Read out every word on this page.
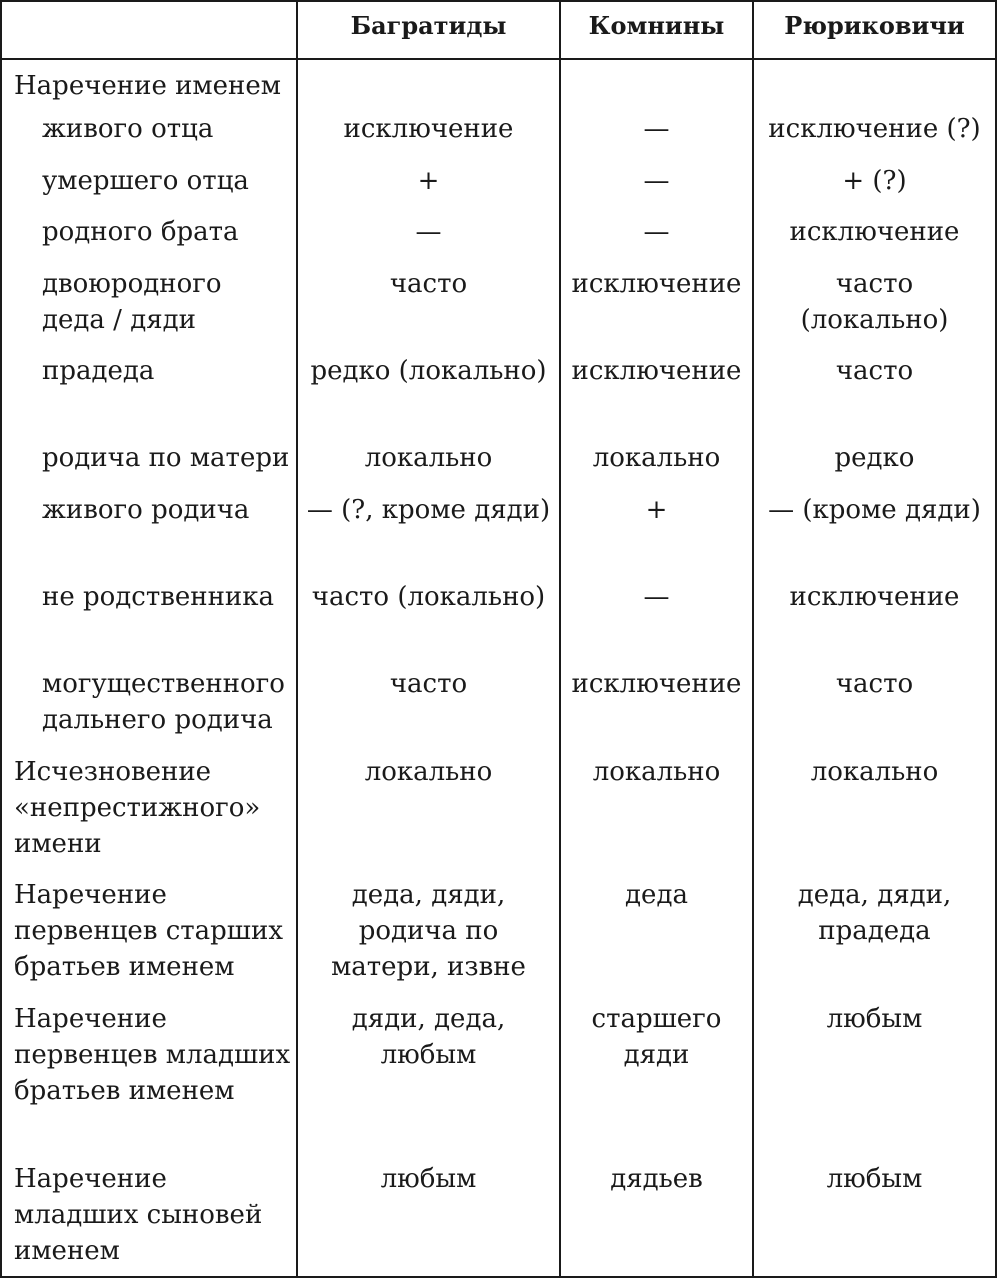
	Багратиды	Комнины	Рюриковичи
Наречение именем			
живого отца	исключение	—	исключение (?)
умершего отца	+	—	+ (?)
родного брата	—	—	исключение
двоюродного деда / дяди	часто	исключение	часто (локально)
прадеда	редко (локально)	исключение	часто
родича по матери	локально	локально	редко
живого родича	— (?, кроме дяди)	+	— (кроме дяди)
не родственника	часто (локально)	—	исключение
могущественного дальнего родича	часто	исключение	часто
Исчезновение «непрестижного» имени	локально	локально	локально
Наречение первенцев старших братьев именем	деда, дяди, родича по матери, извне	деда	деда, дяди, прадеда
Наречение первенцев младших братьев именем	дяди, деда, любым	старшего дяди	любым
Наречение младших сыновей именем	любым	дядьев	любым
